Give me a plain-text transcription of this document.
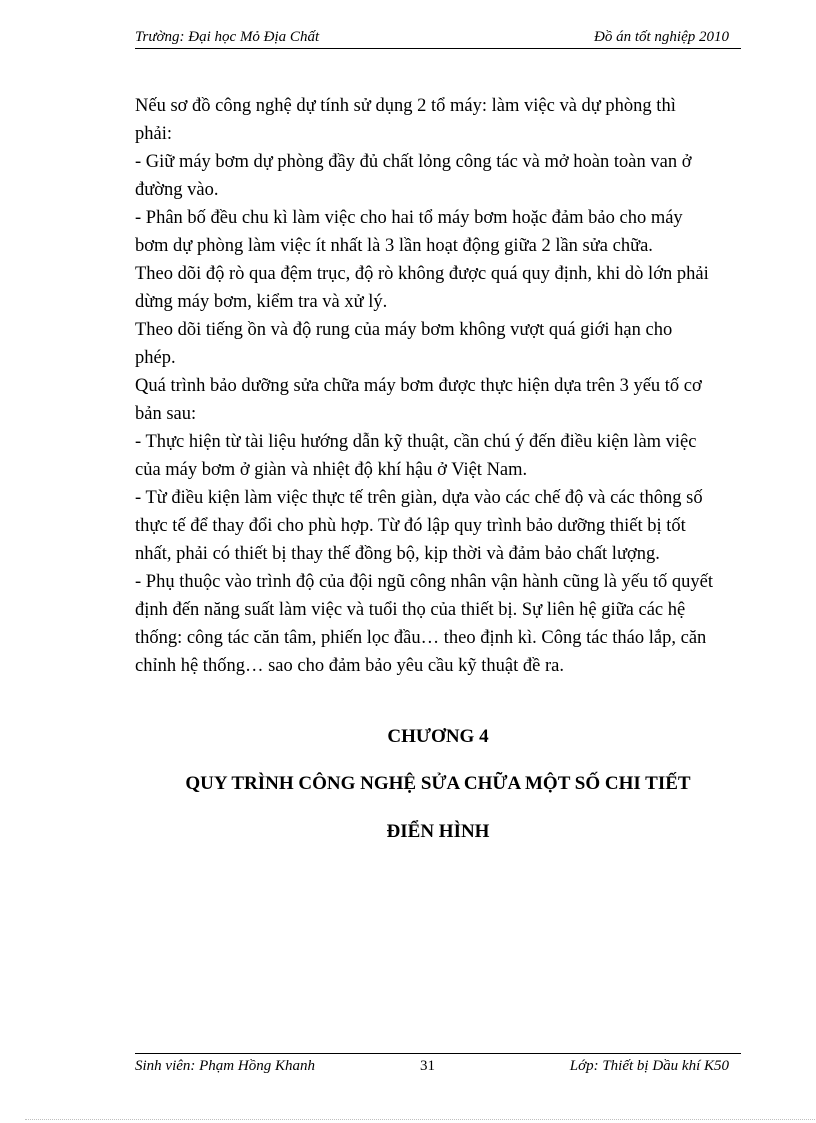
Trường: Đại học Mỏ Địa Chất	Đồ án tốt nghiệp 2010

Nếu sơ đồ công nghệ dự tính sử dụng 2 tổ máy: làm việc và dự phòng thì

phải:

- Giữ máy bơm dự phòng đầy đủ chất lỏng công tác và mở hoàn toàn van ở

đường vào.

- Phân bố đều chu kì làm việc cho hai tổ máy bơm hoặc đảm bảo cho máy

bơm dự phòng làm việc ít nhất là 3 lần hoạt động giữa 2 lần sửa chữa.

Theo dõi độ rò qua đệm trục, độ rò không được quá quy định, khi dò lớn phải

dừng máy bơm, kiểm tra và xử lý.

Theo dõi tiếng ồn và độ rung của máy bơm không vượt quá giới hạn cho

phép.

Quá trình bảo dưỡng sửa chữa máy bơm được thực hiện dựa trên 3 yếu tố cơ

bản sau:

- Thực hiện từ tài liệu hướng dẫn kỹ thuật, cần chú ý đến điều kiện làm việc

của máy bơm ở giàn và nhiệt độ khí hậu ở Việt Nam.

- Từ điều kiện làm việc thực tế trên giàn, dựa vào các chế độ và các thông số

thực tế để thay đổi cho phù hợp. Từ đó lập quy trình bảo dưỡng thiết bị tốt

nhất, phải có thiết bị thay thế đồng bộ, kịp thời và đảm bảo chất lượng.

- Phụ thuộc vào trình độ của đội ngũ công nhân vận hành cũng là yếu tố quyết

định đến năng suất làm việc và tuổi thọ của thiết bị. Sự liên hệ giữa các hệ

thống: công tác căn tâm, phiến lọc đầu… theo định kì. Công tác tháo lắp, căn

chỉnh hệ thống… sao cho đảm bảo yêu cầu kỹ thuật đề ra.

CHƯƠNG 4
QUY TRÌNH CÔNG NGHỆ SỬA CHỮA MỘT SỐ CHI TIẾT
ĐIỂN HÌNH
Sinh viên: Phạm Hồng Khanh	31	Lớp: Thiết bị Dầu khí K50
